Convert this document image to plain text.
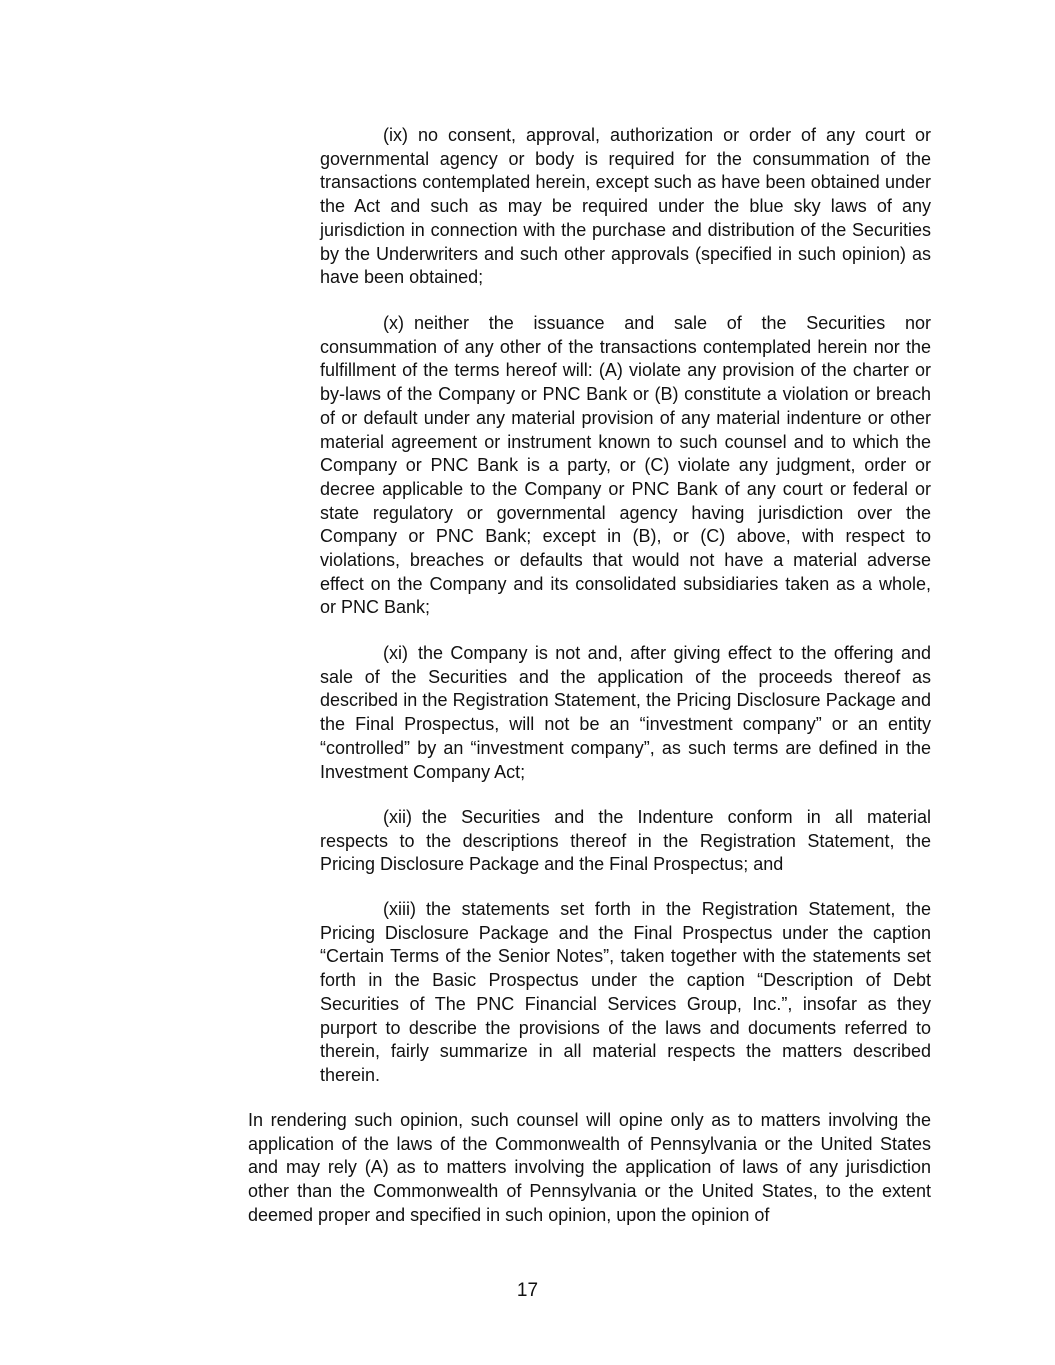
(ix) no consent, approval, authorization or order of any court or governmental agency or body is required for the consummation of the transactions contemplated herein, except such as have been obtained under the Act and such as may be required under the blue sky laws of any jurisdiction in connection with the purchase and distribution of the Securities by the Underwriters and such other approvals (specified in such opinion) as have been obtained;

(x) neither the issuance and sale of the Securities nor consummation of any other of the transactions contemplated herein nor the fulfillment of the terms hereof will: (A) violate any provision of the charter or by-laws of the Company or PNC Bank or (B) constitute a violation or breach of or default under any material provision of any material indenture or other material agreement or instrument known to such counsel and to which the Company or PNC Bank is a party, or (C) violate any judgment, order or decree applicable to the Company or PNC Bank of any court or federal or state regulatory or governmental agency having jurisdiction over the Company or PNC Bank; except in (B), or (C) above, with respect to violations, breaches or defaults that would not have a material adverse effect on the Company and its consolidated subsidiaries taken as a whole, or PNC Bank;

(xi) the Company is not and, after giving effect to the offering and sale of the Securities and the application of the proceeds thereof as described in the Registration Statement, the Pricing Disclosure Package and the Final Prospectus, will not be an “investment company” or an entity “controlled” by an “investment company”, as such terms are defined in the Investment Company Act;

(xii) the Securities and the Indenture conform in all material respects to the descriptions thereof in the Registration Statement, the Pricing Disclosure Package and the Final Prospectus; and

(xiii) the statements set forth in the Registration Statement, the Pricing Disclosure Package and the Final Prospectus under the caption “Certain Terms of the Senior Notes”, taken together with the statements set forth in the Basic Prospectus under the caption “Description of Debt Securities of The PNC Financial Services Group, Inc.”, insofar as they purport to describe the provisions of the laws and documents referred to therein, fairly summarize in all material respects the matters described therein.

In rendering such opinion, such counsel will opine only as to matters involving the application of the laws of the Commonwealth of Pennsylvania or the United States and may rely (A) as to matters involving the application of laws of any jurisdiction other than the Commonwealth of Pennsylvania or the United States, to the extent deemed proper and specified in such opinion, upon the opinion of

17
